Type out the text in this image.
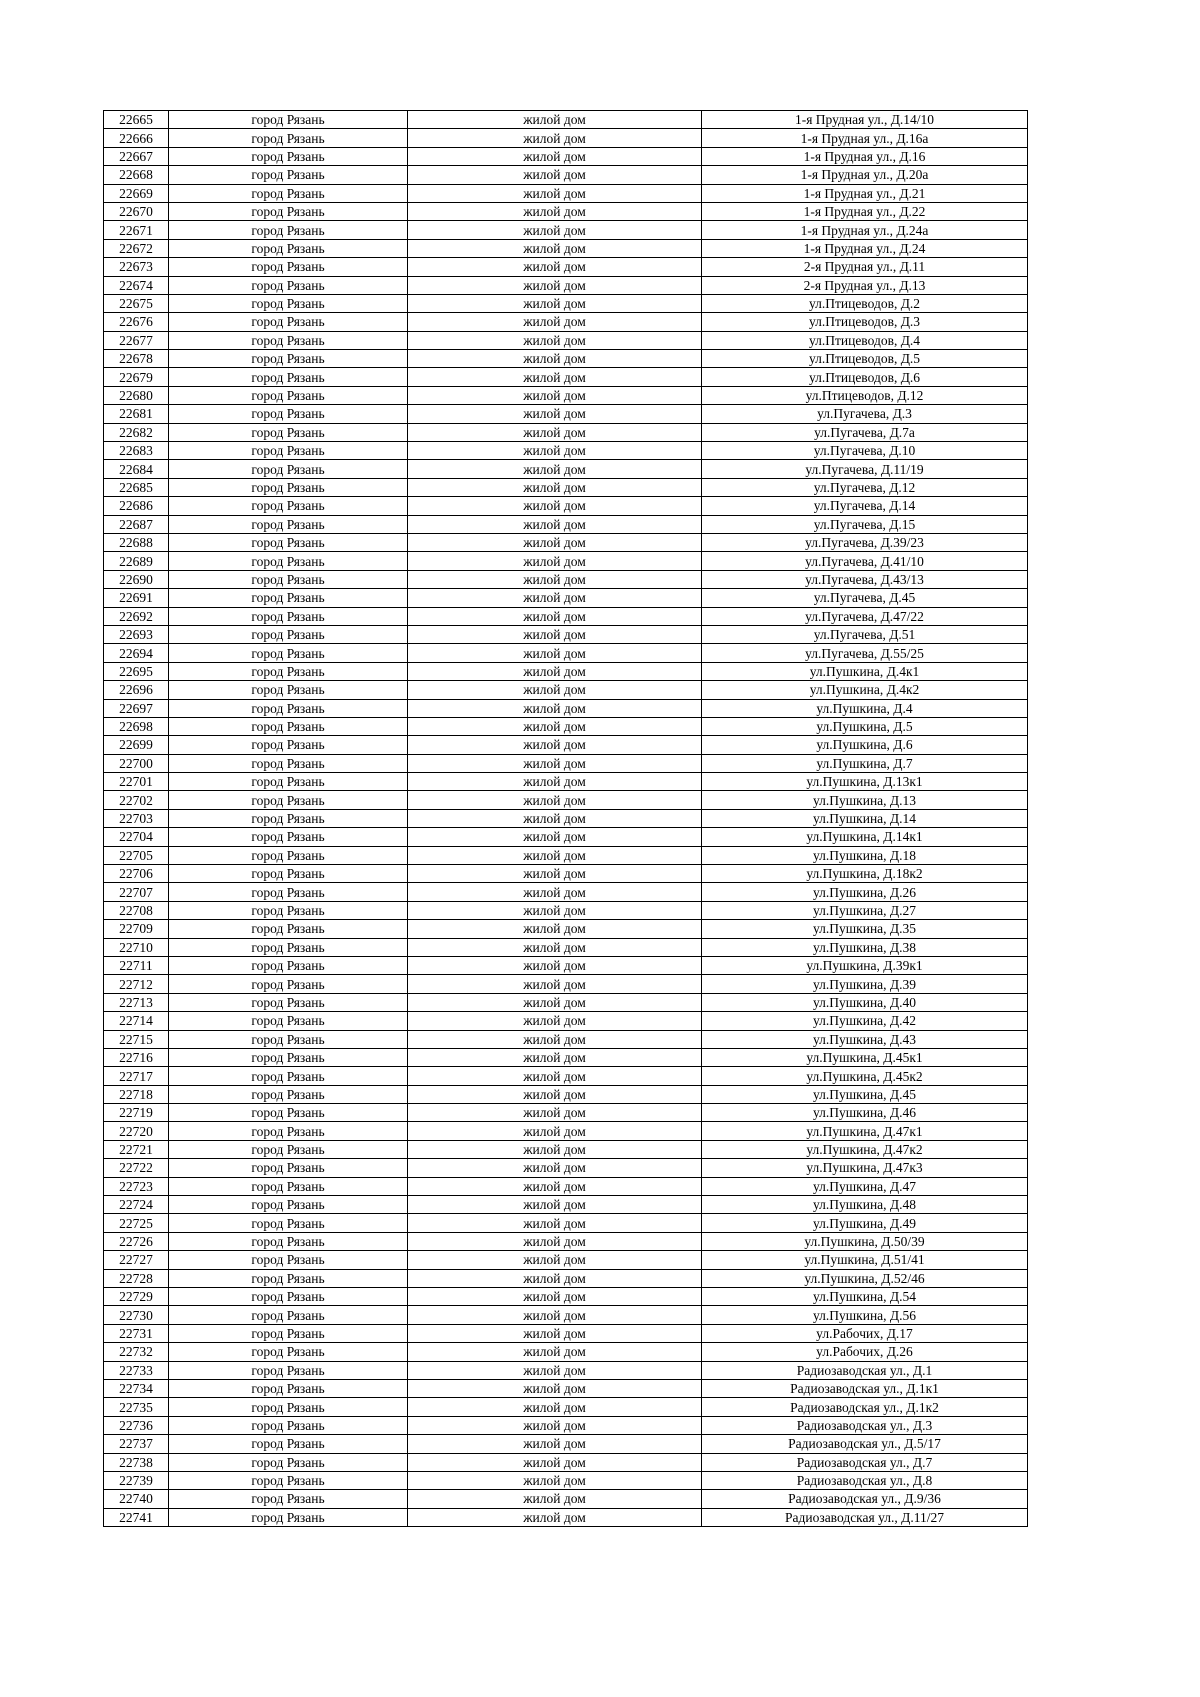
22665	город Рязань	жилой дом	1-я Прудная ул., Д.14/10
22666	город Рязань	жилой дом	1-я Прудная ул., Д.16а
22667	город Рязань	жилой дом	1-я Прудная ул., Д.16
22668	город Рязань	жилой дом	1-я Прудная ул., Д.20а
22669	город Рязань	жилой дом	1-я Прудная ул., Д.21
22670	город Рязань	жилой дом	1-я Прудная ул., Д.22
22671	город Рязань	жилой дом	1-я Прудная ул., Д.24а
22672	город Рязань	жилой дом	1-я Прудная ул., Д.24
22673	город Рязань	жилой дом	2-я Прудная ул., Д.11
22674	город Рязань	жилой дом	2-я Прудная ул., Д.13
22675	город Рязань	жилой дом	ул.Птицеводов, Д.2
22676	город Рязань	жилой дом	ул.Птицеводов, Д.3
22677	город Рязань	жилой дом	ул.Птицеводов, Д.4
22678	город Рязань	жилой дом	ул.Птицеводов, Д.5
22679	город Рязань	жилой дом	ул.Птицеводов, Д.6
22680	город Рязань	жилой дом	ул.Птицеводов, Д.12
22681	город Рязань	жилой дом	ул.Пугачева, Д.3
22682	город Рязань	жилой дом	ул.Пугачева, Д.7а
22683	город Рязань	жилой дом	ул.Пугачева, Д.10
22684	город Рязань	жилой дом	ул.Пугачева, Д.11/19
22685	город Рязань	жилой дом	ул.Пугачева, Д.12
22686	город Рязань	жилой дом	ул.Пугачева, Д.14
22687	город Рязань	жилой дом	ул.Пугачева, Д.15
22688	город Рязань	жилой дом	ул.Пугачева, Д.39/23
22689	город Рязань	жилой дом	ул.Пугачева, Д.41/10
22690	город Рязань	жилой дом	ул.Пугачева, Д.43/13
22691	город Рязань	жилой дом	ул.Пугачева, Д.45
22692	город Рязань	жилой дом	ул.Пугачева, Д.47/22
22693	город Рязань	жилой дом	ул.Пугачева, Д.51
22694	город Рязань	жилой дом	ул.Пугачева, Д.55/25
22695	город Рязань	жилой дом	ул.Пушкина, Д.4к1
22696	город Рязань	жилой дом	ул.Пушкина, Д.4к2
22697	город Рязань	жилой дом	ул.Пушкина, Д.4
22698	город Рязань	жилой дом	ул.Пушкина, Д.5
22699	город Рязань	жилой дом	ул.Пушкина, Д.6
22700	город Рязань	жилой дом	ул.Пушкина, Д.7
22701	город Рязань	жилой дом	ул.Пушкина, Д.13к1
22702	город Рязань	жилой дом	ул.Пушкина, Д.13
22703	город Рязань	жилой дом	ул.Пушкина, Д.14
22704	город Рязань	жилой дом	ул.Пушкина, Д.14к1
22705	город Рязань	жилой дом	ул.Пушкина, Д.18
22706	город Рязань	жилой дом	ул.Пушкина, Д.18к2
22707	город Рязань	жилой дом	ул.Пушкина, Д.26
22708	город Рязань	жилой дом	ул.Пушкина, Д.27
22709	город Рязань	жилой дом	ул.Пушкина, Д.35
22710	город Рязань	жилой дом	ул.Пушкина, Д.38
22711	город Рязань	жилой дом	ул.Пушкина, Д.39к1
22712	город Рязань	жилой дом	ул.Пушкина, Д.39
22713	город Рязань	жилой дом	ул.Пушкина, Д.40
22714	город Рязань	жилой дом	ул.Пушкина, Д.42
22715	город Рязань	жилой дом	ул.Пушкина, Д.43
22716	город Рязань	жилой дом	ул.Пушкина, Д.45к1
22717	город Рязань	жилой дом	ул.Пушкина, Д.45к2
22718	город Рязань	жилой дом	ул.Пушкина, Д.45
22719	город Рязань	жилой дом	ул.Пушкина, Д.46
22720	город Рязань	жилой дом	ул.Пушкина, Д.47к1
22721	город Рязань	жилой дом	ул.Пушкина, Д.47к2
22722	город Рязань	жилой дом	ул.Пушкина, Д.47к3
22723	город Рязань	жилой дом	ул.Пушкина, Д.47
22724	город Рязань	жилой дом	ул.Пушкина, Д.48
22725	город Рязань	жилой дом	ул.Пушкина, Д.49
22726	город Рязань	жилой дом	ул.Пушкина, Д.50/39
22727	город Рязань	жилой дом	ул.Пушкина, Д.51/41
22728	город Рязань	жилой дом	ул.Пушкина, Д.52/46
22729	город Рязань	жилой дом	ул.Пушкина, Д.54
22730	город Рязань	жилой дом	ул.Пушкина, Д.56
22731	город Рязань	жилой дом	ул.Рабочих, Д.17
22732	город Рязань	жилой дом	ул.Рабочих, Д.26
22733	город Рязань	жилой дом	Радиозаводская ул., Д.1
22734	город Рязань	жилой дом	Радиозаводская ул., Д.1к1
22735	город Рязань	жилой дом	Радиозаводская ул., Д.1к2
22736	город Рязань	жилой дом	Радиозаводская ул., Д.3
22737	город Рязань	жилой дом	Радиозаводская ул., Д.5/17
22738	город Рязань	жилой дом	Радиозаводская ул., Д.7
22739	город Рязань	жилой дом	Радиозаводская ул., Д.8
22740	город Рязань	жилой дом	Радиозаводская ул., Д.9/36
22741	город Рязань	жилой дом	Радиозаводская ул., Д.11/27
